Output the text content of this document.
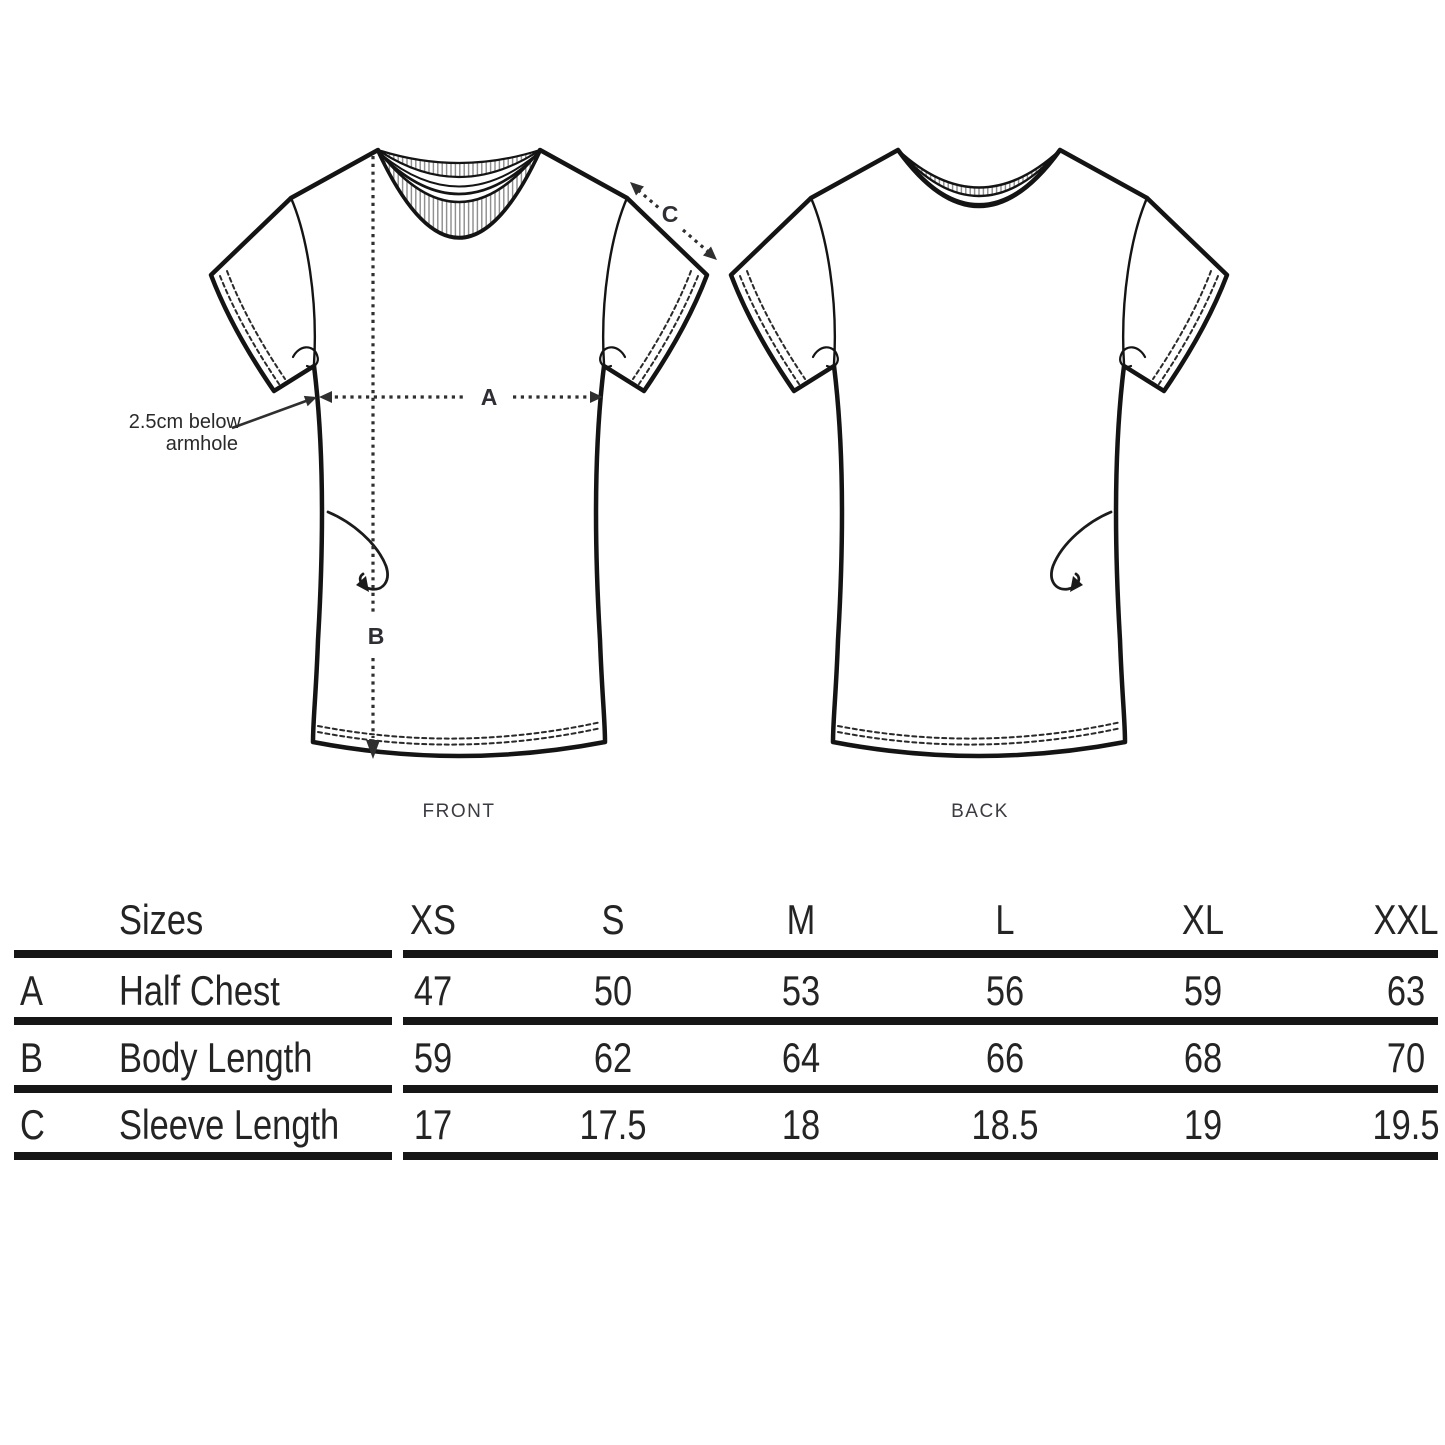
A
B
C
2.5cm below
armhole
FRONT	BACK
Sizes	XS	S	M	L	XL	XXL
A Half Chest	47	50	53	56	59	63
B Body Length	59	62	64	66	68	70
C Sleeve Length	17	17.5	18	18.5	19	19.5
